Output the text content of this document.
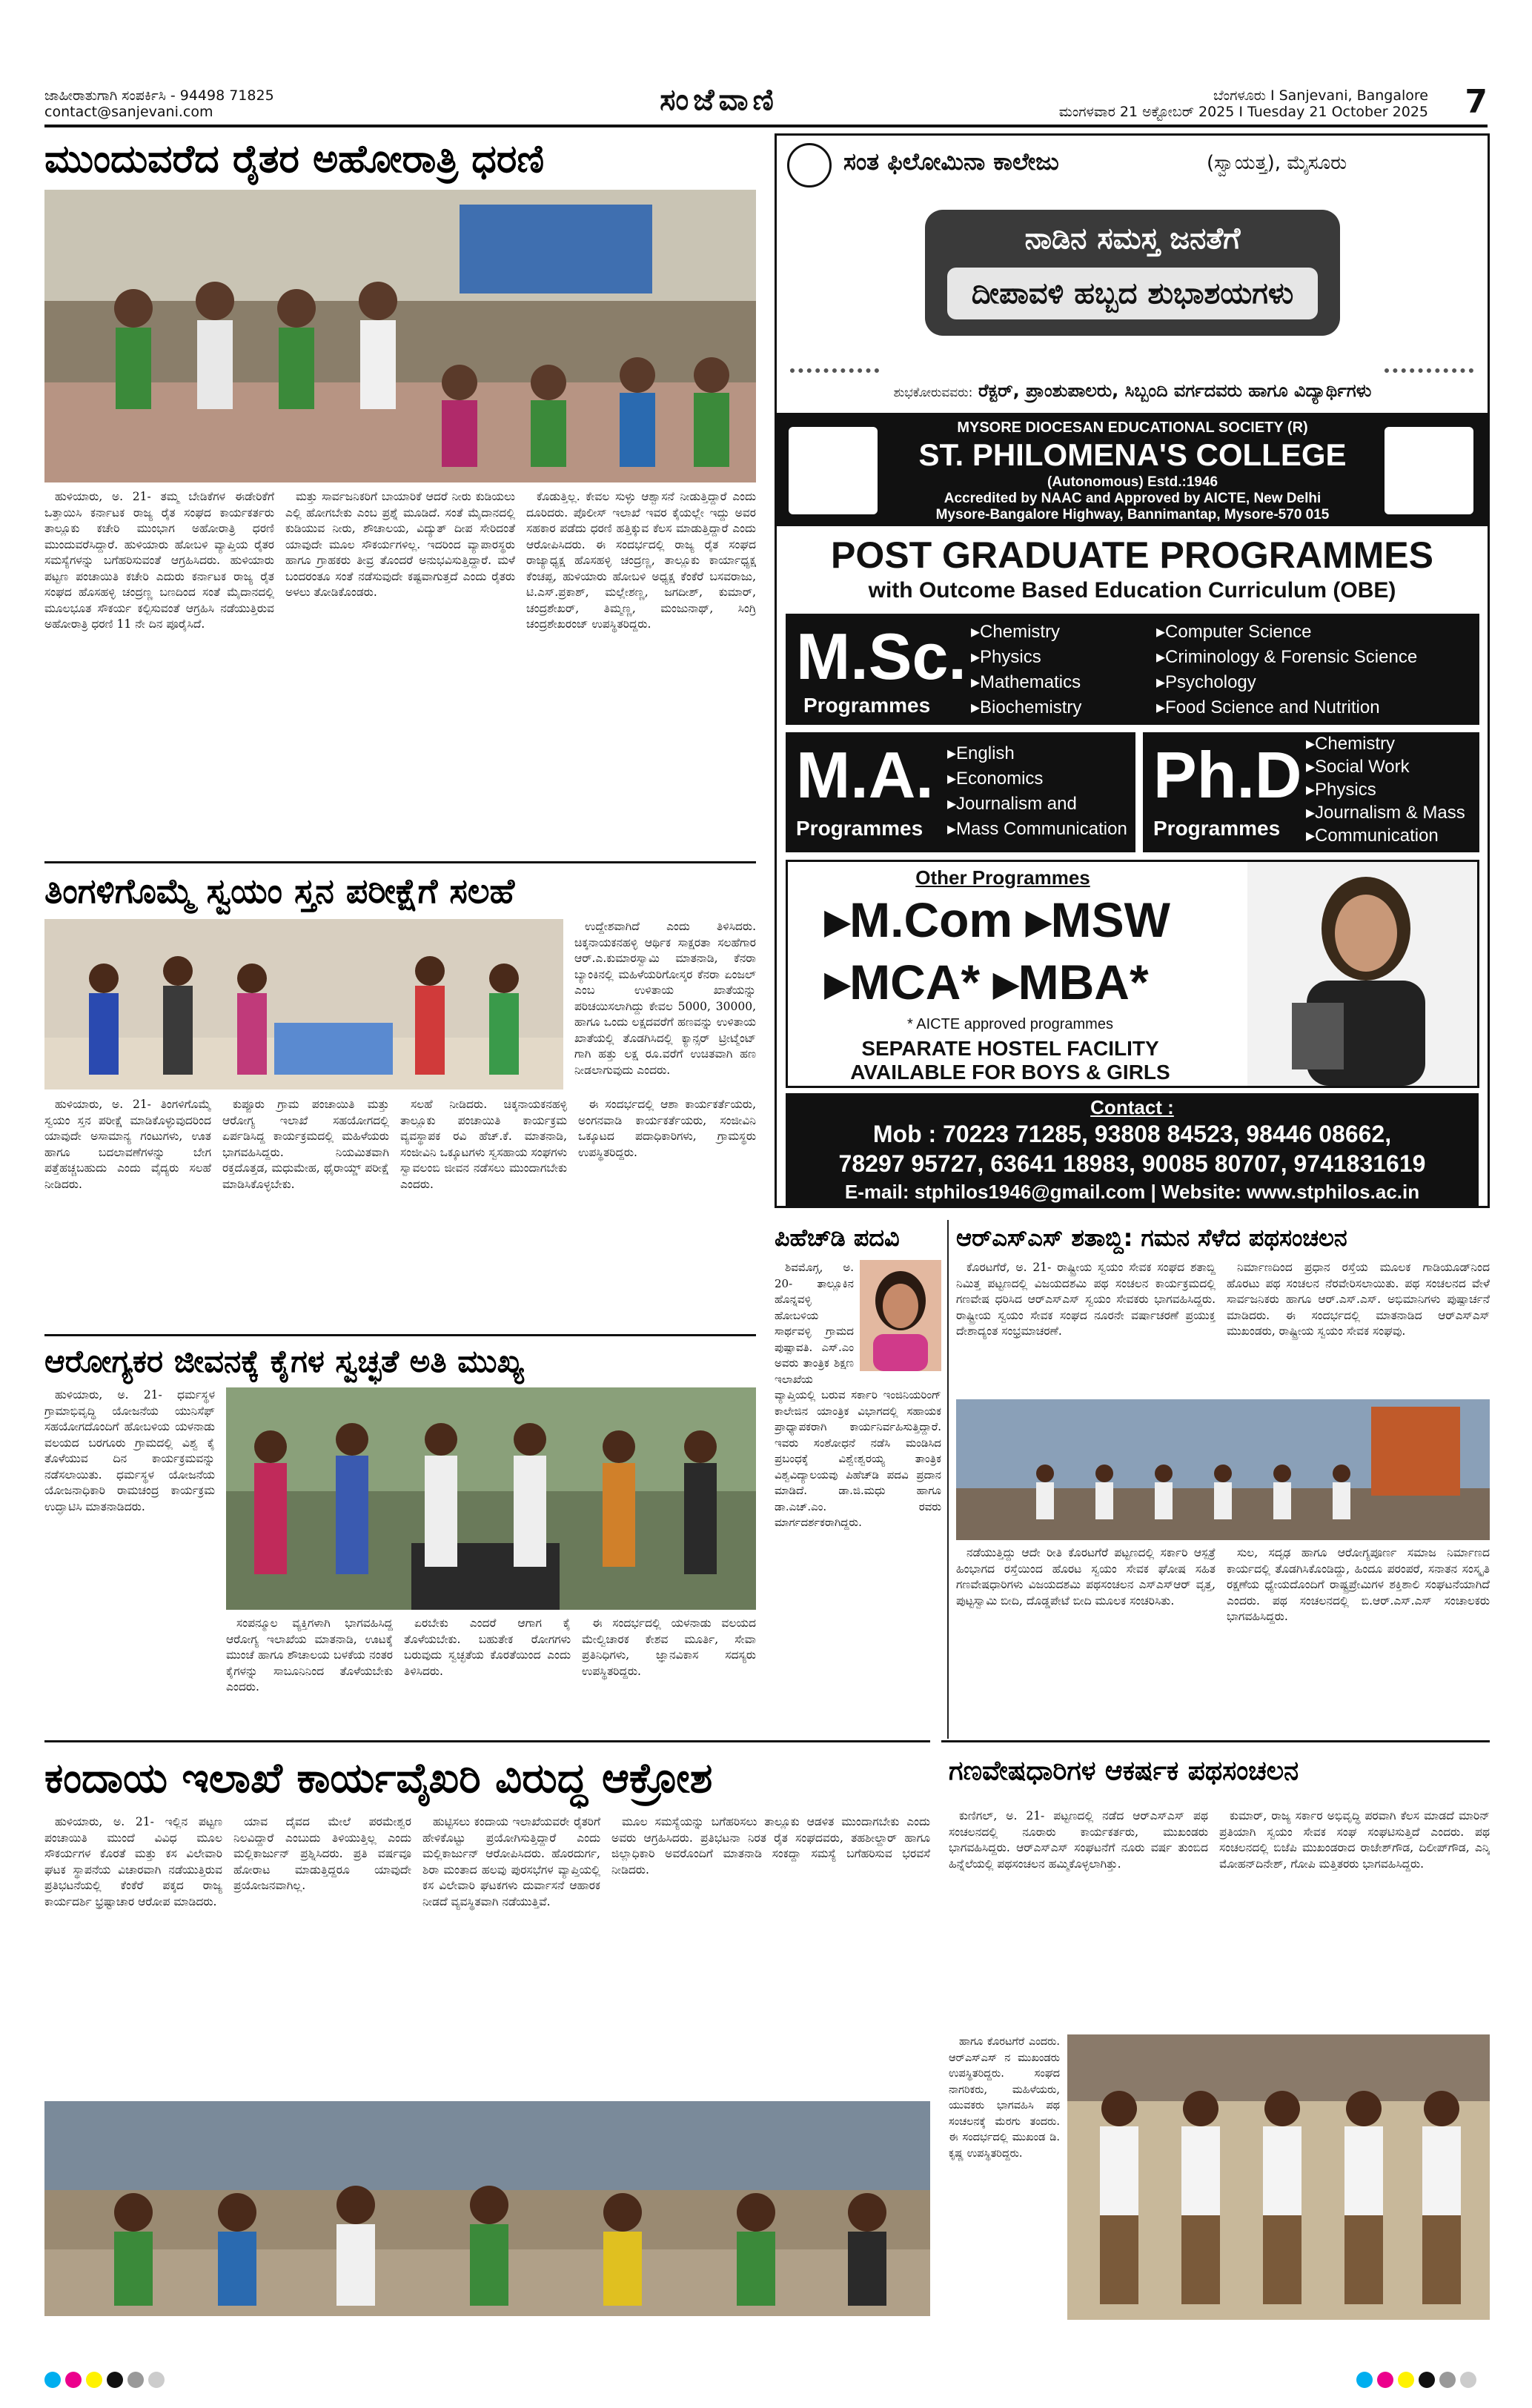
ಜಾಹೀರಾತುಗಾಗಿ ಸಂಪರ್ಕಿಸಿ - 94498 71825
contact@sanjevani.com	ಸಂಜೆವಾಣಿ	ಬೆಂಗಳೂರು I Sanjevani, Bangalore
ಮಂಗಳವಾರ 21 ಅಕ್ಟೋಬರ್ 2025 I Tuesday 21 October 2025 7
ಮುಂದುವರೆದ ರೈತರ ಅಹೋರಾತ್ರಿ ಧರಣಿ

ಹುಳಿಯಾರು, ಅ. 21- ತಮ್ಮ ಬೇಡಿಕೆಗಳ ಈಡೇರಿಕೆಗೆ ಒತ್ತಾಯಿಸಿ ಕರ್ನಾಟಕ ರಾಜ್ಯ ರೈತ ಸಂಘದ ಕಾರ್ಯಕರ್ತರು ತಾಲ್ಲೂಕು ಕಚೇರಿ ಮುಂಭಾಗ ಅಹೋರಾತ್ರಿ ಧರಣಿ ಮುಂದುವರೆಸಿದ್ದಾರೆ. ಹುಳಿಯಾರು ಹೋಬಳಿ ವ್ಯಾಪ್ತಿಯ ರೈತರ ಸಮಸ್ಯೆಗಳನ್ನು ಬಗೆಹರಿಸುವಂತೆ ಆಗ್ರಹಿಸಿದರು. ಹುಳಿಯಾರು ಪಟ್ಟಣ ಪಂಚಾಯಿತಿ ಕಚೇರಿ ಎದುರು ಕರ್ನಾಟಕ ರಾಜ್ಯ ರೈತ ಸಂಘದ ಹೊಸಹಳ್ಳಿ ಚಂದ್ರಣ್ಣ ಬಣದಿಂದ ಸಂತೆ ಮೈದಾನದಲ್ಲಿ ಮೂಲಭೂತ ಸೌಕರ್ಯ ಕಲ್ಪಿಸುವಂತೆ ಆಗ್ರಹಿಸಿ ನಡೆಯುತ್ತಿರುವ ಅಹೋರಾತ್ರಿ ಧರಣಿ 11 ನೇ ದಿನ ಪೂರೈಸಿದೆ.

ಮತ್ತು ಸಾರ್ವಜನಿಕರಿಗೆ ಬಾಯಾರಿಕೆ ಆದರೆ ನೀರು ಕುಡಿಯಲು ಎಲ್ಲಿ ಹೋಗಬೇಕು ಎಂಬ ಪ್ರಶ್ನೆ ಮೂಡಿದೆ. ಸಂತೆ ಮೈದಾನದಲ್ಲಿ ಕುಡಿಯುವ ನೀರು, ಶೌಚಾಲಯ, ವಿದ್ಯುತ್ ದೀಪ ಸೇರಿದಂತೆ ಯಾವುದೇ ಮೂಲ ಸೌಕರ್ಯಗಳಿಲ್ಲ. ಇದರಿಂದ ವ್ಯಾಪಾರಸ್ಥರು ಹಾಗೂ ಗ್ರಾಹಕರು ತೀವ್ರ ತೊಂದರೆ ಅನುಭವಿಸುತ್ತಿದ್ದಾರೆ. ಮಳೆ ಬಂದರಂತೂ ಸಂತೆ ನಡೆಸುವುದೇ ಕಷ್ಟವಾಗುತ್ತದೆ ಎಂದು ರೈತರು ಅಳಲು ತೋಡಿಕೊಂಡರು.

ಕೊಡುತ್ತಿಲ್ಲ. ಕೇವಲ ಸುಳ್ಳು ಆಶ್ವಾಸನೆ ನೀಡುತ್ತಿದ್ದಾರೆ ಎಂದು ದೂರಿದರು. ಪೊಲೀಸ್ ಇಲಾಖೆ ಇವರ ಕೈಯಲ್ಲೇ ಇದ್ದು ಅವರ ಸಹಕಾರ ಪಡೆದು ಧರಣಿ ಹತ್ತಿಕ್ಕುವ ಕೆಲಸ ಮಾಡುತ್ತಿದ್ದಾರೆ ಎಂದು ಆರೋಪಿಸಿದರು. ಈ ಸಂದರ್ಭದಲ್ಲಿ ರಾಜ್ಯ ರೈತ ಸಂಘದ ರಾಜ್ಯಾಧ್ಯಕ್ಷ ಹೊಸಹಳ್ಳಿ ಚಂದ್ರಣ್ಣ, ತಾಲ್ಲೂಕು ಕಾರ್ಯಾಧ್ಯಕ್ಷ ಕೆಂಚಪ್ಪ, ಹುಳಿಯಾರು ಹೋಬಳಿ ಅಧ್ಯಕ್ಷ ಕೆಂಕೆರೆ ಬಸವರಾಜು, ಟಿ.ಎಸ್.ಪ್ರಕಾಶ್, ಮಲ್ಲೇಶಣ್ಣ, ಜಗದೀಶ್, ಕುಮಾರ್, ಚಂದ್ರಶೇಖರ್, ತಿಮ್ಮಣ್ಣ, ಮಂಜುನಾಥ್, ಸಿಂಗ್ರಿ ಚಂದ್ರಶೇಖರಂಜ್ ಉಪಸ್ಥಿತರಿದ್ದರು.

ತಿಂಗಳಿಗೊಮ್ಮೆ ಸ್ವಯಂ ಸ್ತನ ಪರೀಕ್ಷೆಗೆ ಸಲಹೆ

ಉದ್ದೇಶವಾಗಿದೆ ಎಂದು ತಿಳಿಸಿದರು. ಚಿಕ್ಕನಾಯಕನಹಳ್ಳಿ ಆರ್ಥಿಕ ಸಾಕ್ಷರತಾ ಸಲಹೆಗಾರ ಆರ್.ಎ.ಕುಮಾರಸ್ವಾಮಿ ಮಾತನಾಡಿ, ಕೆನರಾ ಬ್ಯಾಂಕಿನಲ್ಲಿ ಮಹಿಳೆಯರಿಗೋಸ್ಕರ ಕೆನರಾ ಏಂಜಲ್ ಎಂಬ ಉಳಿತಾಯ ಖಾತೆಯನ್ನು ಪರಿಚಯಿಸಲಾಗಿದ್ದು ಕೇವಲ 5000, 30000, ಹಾಗೂ ಒಂದು ಲಕ್ಷದವರೆಗೆ ಹಣವನ್ನು ಉಳಿತಾಯ ಖಾತೆಯಲ್ಲಿ ತೊಡಗಿಸಿದಲ್ಲಿ ಕ್ಯಾನ್ಸರ್ ಟ್ರೀಟ್ಮೆಂಟ್ ಗಾಗಿ ಹತ್ತು ಲಕ್ಷ ರೂ.ವರೆಗೆ ಉಚಿತವಾಗಿ ಹಣ ನೀಡಲಾಗುವುದು ಎಂದರು.

ಹುಳಿಯಾರು, ಅ. 21- ತಿಂಗಳಿಗೊಮ್ಮೆ ಸ್ವಯಂ ಸ್ತನ ಪರೀಕ್ಷೆ ಮಾಡಿಕೊಳ್ಳುವುದರಿಂದ ಯಾವುದೇ ಅಸಾಮಾನ್ಯ ಗಂಟುಗಳು, ಊತ ಹಾಗೂ ಬದಲಾವಣೆಗಳನ್ನು ಬೇಗ ಪತ್ತೆಹಚ್ಚಬಹುದು ಎಂದು ವೈದ್ಯರು ಸಲಹೆ ನೀಡಿದರು.

ಕುಪ್ಪೂರು ಗ್ರಾಮ ಪಂಚಾಯಿತಿ ಮತ್ತು ಆರೋಗ್ಯ ಇಲಾಖೆ ಸಹಯೋಗದಲ್ಲಿ ಏರ್ಪಡಿಸಿದ್ದ ಕಾರ್ಯಕ್ರಮದಲ್ಲಿ ಮಹಿಳೆಯರು ಭಾಗವಹಿಸಿದ್ದರು. ನಿಯಮಿತವಾಗಿ ರಕ್ತದೊತ್ತಡ, ಮಧುಮೇಹ, ಥೈರಾಯ್ಡ್ ಪರೀಕ್ಷೆ ಮಾಡಿಸಿಕೊಳ್ಳಬೇಕು.

ಸಲಹೆ ನೀಡಿದರು. ಚಿಕ್ಕನಾಯಕನಹಳ್ಳಿ ತಾಲ್ಲೂಕು ಪಂಚಾಯಿತಿ ಕಾರ್ಯಕ್ರಮ ವ್ಯವಸ್ಥಾಪಕ ರವಿ ಹೆಚ್.ಕೆ. ಮಾತನಾಡಿ, ಸಂಜೀವಿನಿ ಒಕ್ಕೂಟಗಳು ಸ್ವಸಹಾಯ ಸಂಘಗಳು ಸ್ವಾವಲಂಬಿ ಜೀವನ ನಡೆಸಲು ಮುಂದಾಗಬೇಕು ಎಂದರು.

ಈ ಸಂದರ್ಭದಲ್ಲಿ ಆಶಾ ಕಾರ್ಯಕರ್ತೆಯರು, ಅಂಗನವಾಡಿ ಕಾರ್ಯಕರ್ತೆಯರು, ಸಂಜೀವಿನಿ ಒಕ್ಕೂಟದ ಪದಾಧಿಕಾರಿಗಳು, ಗ್ರಾಮಸ್ಥರು ಉಪಸ್ಥಿತರಿದ್ದರು.

ಆರೋಗ್ಯಕರ ಜೀವನಕ್ಕೆ ಕೈಗಳ ಸ್ವಚ್ಛತೆ ಅತಿ ಮುಖ್ಯ

ಹುಳಿಯಾರು, ಅ. 21- ಧರ್ಮಸ್ಥಳ ಗ್ರಾಮಾಭಿವೃದ್ಧಿ ಯೋಜನೆಯ ಯುನಿಸೆಫ್ ಸಹಯೋಗದೊಂದಿಗೆ ಹೋಬಳಿಯ ಯಳನಾಡು ವಲಯದ ಬರಗೂರು ಗ್ರಾಮದಲ್ಲಿ ವಿಶ್ವ ಕೈ ತೊಳೆಯುವ ದಿನ ಕಾರ್ಯಕ್ರಮವನ್ನು ನಡೆಸಲಾಯಿತು. ಧರ್ಮಸ್ಥಳ ಯೋಜನೆಯ ಯೋಜನಾಧಿಕಾರಿ ರಾಮಚಂದ್ರ ಕಾರ್ಯಕ್ರಮ ಉದ್ಘಾಟಿಸಿ ಮಾತನಾಡಿದರು.

ಸಂಪನ್ಮೂಲ ವ್ಯಕ್ತಿಗಳಾಗಿ ಭಾಗವಹಿಸಿದ್ದ ಆರೋಗ್ಯ ಇಲಾಖೆಯ ಮಾತನಾಡಿ, ಊಟಕ್ಕೆ ಮುಂಚೆ ಹಾಗೂ ಶೌಚಾಲಯ ಬಳಕೆಯ ನಂತರ ಕೈಗಳನ್ನು ಸಾಬೂನಿನಿಂದ ತೊಳೆಯಬೇಕು ಎಂದರು.

ಏರಬೇಕು ಎಂದರೆ ಆಗಾಗ ಕೈ ತೊಳೆಯಬೇಕು. ಬಹುತೇಕ ರೋಗಗಳು ಬರುವುದು ಸ್ವಚ್ಛತೆಯ ಕೊರತೆಯಿಂದ ಎಂದು ತಿಳಿಸಿದರು.

ಈ ಸಂದರ್ಭದಲ್ಲಿ ಯಳನಾಡು ವಲಯದ ಮೇಲ್ವಿಚಾರಕ ಕೇಶವ ಮೂರ್ತಿ, ಸೇವಾ ಪ್ರತಿನಿಧಿಗಳು, ಜ್ಞಾನವಿಕಾಸ ಸದಸ್ಯರು ಉಪಸ್ಥಿತರಿದ್ದರು.

ಕಂದಾಯ ಇಲಾಖೆ ಕಾರ್ಯವೈಖರಿ ವಿರುದ್ಧ ಆಕ್ರೋಶ

ಹುಳಿಯಾರು, ಅ. 21- ಇಲ್ಲಿನ ಪಟ್ಟಣ ಪಂಚಾಯಿತಿ ಮುಂದೆ ವಿವಿಧ ಮೂಲ ಸೌಕರ್ಯಗಳ ಕೊರತೆ ಮತ್ತು ಕಸ ವಿಲೇವಾರಿ ಘಟಕ ಸ್ಥಾಪನೆಯ ವಿಚಾರವಾಗಿ ನಡೆಯುತ್ತಿರುವ ಪ್ರತಿಭಟನೆಯಲ್ಲಿ ಕೆಂಕೆರೆ ಪಕ್ಕದ ರಾಜ್ಯ ಕಾರ್ಯದರ್ಶಿ ಭ್ರಷ್ಟಾಚಾರ ಆರೋಪ ಮಾಡಿದರು.

ಯಾವ ದೈವದ ಮೇಲೆ ಪರಮೇಶ್ವರ ನಿಲವಿದ್ದಾರೆ ಎಂಬುದು ತಿಳಿಯುತ್ತಿಲ್ಲ ಎಂದು ಮಲ್ಲಿಕಾರ್ಜುನ್ ಪ್ರಶ್ನಿಸಿದರು. ಪ್ರತಿ ವರ್ಷವೂ ಹೋರಾಟ ಮಾಡುತ್ತಿದ್ದರೂ ಯಾವುದೇ ಪ್ರಯೋಜನವಾಗಿಲ್ಲ.

ಹುಟ್ಟಿಸಲು ಕಂದಾಯ ಇಲಾಖೆಯವರೇ ರೈತರಿಗೆ ಹೇಳಿಕೊಟ್ಟು ಪ್ರಯೋಗಿಸುತ್ತಿದ್ದಾರೆ ಎಂದು ಮಲ್ಲಿಕಾರ್ಜುನ್ ಆರೋಪಿಸಿದರು. ಹೊರದುರ್ಗ, ಶಿರಾ ಮಂತಾದ ಹಲವು ಪುರಸಭೆಗಳ ವ್ಯಾಪ್ತಿಯಲ್ಲಿ ಕಸ ವಿಲೇವಾರಿ ಘಟಕಗಳು ದುರ್ವಾಸನೆ ಆಹಾರಕ ನೀಡದೆ ವ್ಯವಸ್ಥಿತವಾಗಿ ನಡೆಯುತ್ತಿವೆ.

ಮೂಲ ಸಮಸ್ಯೆಯನ್ನು ಬಗೆಹರಿಸಲು ತಾಲ್ಲೂಕು ಆಡಳಿತ ಮುಂದಾಗಬೇಕು ಎಂದು ಅವರು ಆಗ್ರಹಿಸಿದರು. ಪ್ರತಿಭಟನಾ ನಿರತ ರೈತ ಸಂಘದವರು, ತಹಶೀಲ್ದಾರ್ ಹಾಗೂ ಜಿಲ್ಲಾಧಿಕಾರಿ ಅವರೊಂದಿಗೆ ಮಾತನಾಡಿ ಸಂಕದ್ದಾ ಸಮಸ್ಯೆ ಬಗೆಹರಿಸುವ ಭರವಸೆ ನೀಡಿದರು.

ಸಂತ ಫಿಲೋಮಿನಾ ಕಾಲೇಜು	(ಸ್ವಾಯತ್ತ), ಮೈಸೂರು
ನಾಡಿನ ಸಮಸ್ತ ಜನತೆಗೆ
ದೀಪಾವಳಿ ಹಬ್ಬದ ಶುಭಾಶಯಗಳು
ಶುಭಕೋರುವವರು: ರೆಕ್ಟರ್, ಪ್ರಾಂಶುಪಾಲರು, ಸಿಬ್ಬಂದಿ ವರ್ಗದವರು ಹಾಗೂ ವಿದ್ಯಾರ್ಥಿಗಳು
MYSORE DIOCESAN EDUCATIONAL SOCIETY (R)
ST. PHILOMENA'S COLLEGE
(Autonomous) Estd.:1946
Accredited by NAAC and Approved by AICTE, New Delhi
Mysore-Bangalore Highway, Bannimantap, Mysore-570 015
POST GRADUATE PROGRAMMES
with Outcome Based Education Curriculum (OBE)
M.Sc.
Programmes
▸ Chemistry
▸ Physics
▸ Mathematics
▸ Biochemistry
▸ Computer Science
▸ Criminology & Forensic Science
▸ Psychology
▸ Food Science and Nutrition
M.A.
Programmes
▸ English
▸ Economics
▸ Journalism and
▸ Mass Communication
Ph.D
Programmes
▸ Chemistry
▸ Social Work
▸ Physics
▸ Journalism & Mass
▸ Communication
Other Programmes
▸M.Com ▸MSW
▸MCA* ▸MBA*
* AICTE approved programmes
SEPARATE HOSTEL FACILITY
AVAILABLE FOR BOYS & GIRLS
Contact :
Mob : 70223 71285, 93808 84523, 98446 08662,
78297 95727, 63641 18983, 90085 80707, 9741831619
E-mail: stphilos1946@gmail.com | Website: www.stphilos.ac.in
ಪಿಹೆಚ್‍ಡಿ ಪದವಿ

ಶಿವಮೊಗ್ಗ, ಅ. 20- ತಾಲ್ಲೂಕಿನ ಹೊನ್ನವಳ್ಳಿ ಹೋಬಳಿಯ ಸಾರ್ಥವಳ್ಳಿ ಗ್ರಾಮದ ಪುಷ್ಪಾವತಿ. ಎಸ್.ಎಂ ಅವರು ತಾಂತ್ರಿಕ ಶಿಕ್ಷಣ ಇಲಾಖೆಯ ವ್ಯಾಪ್ತಿಯಲ್ಲಿ ಬರುವ ಸರ್ಕಾರಿ ಇಂಜಿನಿಯರಿಂಗ್ ಕಾಲೇಜಿನ ಯಾಂತ್ರಿಕ ವಿಭಾಗದಲ್ಲಿ ಸಹಾಯಕ ಪ್ರಾಧ್ಯಾಪಕರಾಗಿ ಕಾರ್ಯನಿರ್ವಹಿಸುತ್ತಿದ್ದಾರೆ. ಇವರು ಸಂಶೋಧನೆ ನಡೆಸಿ ಮಂಡಿಸಿದ ಪ್ರಬಂಧಕ್ಕೆ ವಿಶ್ವೇಶ್ವರಯ್ಯ ತಾಂತ್ರಿಕ ವಿಶ್ವವಿದ್ಯಾಲಯವು ಪಿಹೆಚ್‍ಡಿ ಪದವಿ ಪ್ರದಾನ ಮಾಡಿದೆ. ಡಾ.ಜಿ.ಮಧು ಹಾಗೂ ಡಾ.ಎಚ್.ಎಂ. ರವರು ಮಾರ್ಗದರ್ಶಕರಾಗಿದ್ದರು.

ಆರ್‌ಎಸ್‌ಎಸ್ ಶತಾಬ್ದಿ: ಗಮನ ಸೆಳೆದ ಪಥಸಂಚಲನ

ಕೊರಟಗೆರೆ, ಅ. 21- ರಾಷ್ಟ್ರೀಯ ಸ್ವಯಂ ಸೇವಕ ಸಂಘದ ಶತಾಬ್ದಿ ನಿಮಿತ್ತ ಪಟ್ಟಣದಲ್ಲಿ ವಿಜಯದಶಮಿ ಪಥ ಸಂಚಲನ ಕಾರ್ಯಕ್ರಮದಲ್ಲಿ ಗಣವೇಷ ಧರಿಸಿದ ಆರ್‌ಎಸ್‌ಎಸ್ ಸ್ವಯಂ ಸೇವಕರು ಭಾಗವಹಿಸಿದ್ದರು. ರಾಷ್ಟ್ರೀಯ ಸ್ವಯಂ ಸೇವಕ ಸಂಘದ ನೂರನೇ ವರ್ಷಾಚರಣೆ ಪ್ರಯುಕ್ತ ದೇಶಾದ್ಯಂತ ಸಂಭ್ರಮಾಚರಣೆ.

ನಿರ್ಮಾಣದಿಂದ ಪ್ರಧಾನ ರಸ್ತೆಯ ಮೂಲಕ ಗಾಡಿಯೂಡ್‌ನಿಂದ ಹೊರಟು ಪಥ ಸಂಚಲನ ನೆರವೇರಿಸಲಾಯಿತು. ಪಥ ಸಂಚಲನದ ವೇಳೆ ಸಾರ್ವಜನಿಕರು ಹಾಗೂ ಆರ್.ಎಸ್.ಎಸ್. ಅಭಿಮಾನಿಗಳು ಪುಷ್ಪಾರ್ಚನೆ ಮಾಡಿದರು. ಈ ಸಂದರ್ಭದಲ್ಲಿ ಮಾತನಾಡಿದ ಆರ್‌ಎಸ್‌ಎಸ್ ಮುಖಂಡರು, ರಾಷ್ಟ್ರೀಯ ಸ್ವಯಂ ಸೇವಕ ಸಂಘವು.

ನಡೆಯುತ್ತಿದ್ದು ಆದೇ ರೀತಿ ಕೊರಟಗೆರೆ ಪಟ್ಟಣದಲ್ಲಿ ಸರ್ಕಾರಿ ಆಸ್ಪತ್ರೆ ಹಿಂಭಾಗದ ರಸ್ತೆಯಿಂದ ಹೊರಟ ಸ್ವಯಂ ಸೇವಕ ಘೋಷ ಸಹಿತ ಗಣವೇಷಧಾರಿಗಳು ವಿಜಯದಶಮಿ ಪಥಸಂಚಲನ ಎಸ್‌ಎಸ್‌ಆರ್ ವೃತ್ತ, ಪುಟ್ಟಸ್ವಾಮಿ ಬೀದಿ, ದೊಡ್ಡಪೇಟೆ ಬೀದಿ ಮೂಲಕ ಸಂಚರಿಸಿತು.

ಸುಲ, ಸದೃಢ ಹಾಗೂ ಆರೋಗ್ಯಪೂರ್ಣ ಸಮಾಜ ನಿರ್ಮಾಣದ ಕಾರ್ಯದಲ್ಲಿ ತೊಡಗಿಸಿಕೊಂಡಿದ್ದು, ಹಿಂದೂ ಪರಂಪರೆ, ಸನಾತನ ಸಂಸ್ಕೃತಿ ರಕ್ಷಣೆಯ ಧ್ಯೇಯದೊಂದಿಗೆ ರಾಷ್ಟ್ರಪ್ರೇಮಿಗಳ ಶಕ್ತಿಶಾಲಿ ಸಂಘಟನೆಯಾಗಿದೆ ಎಂದರು. ಪಥ ಸಂಚಲನದಲ್ಲಿ ಬಿ.ಆರ್.ಎಸ್.ಎಸ್ ಸಂಚಾಲಕರು ಭಾಗವಹಿಸಿದ್ದರು.

ಗಣವೇಷಧಾರಿಗಳ ಆಕರ್ಷಕ ಪಥಸಂಚಲನ

ಕುಣಿಗಲ್, ಅ. 21- ಪಟ್ಟಣದಲ್ಲಿ ನಡೆದ ಆರ್‌ಎಸ್‌ಎಸ್ ಪಥ ಸಂಚಲನದಲ್ಲಿ ನೂರಾರು ಕಾರ್ಯಕರ್ತರು, ಮುಖಂಡರು ಭಾಗವಹಿಸಿದ್ದರು. ಆರ್‌ಎಸ್‌ಎಸ್ ಸಂಘಟನೆಗೆ ನೂರು ವರ್ಷ ತುಂಬಿದ ಹಿನ್ನೆಲೆಯಲ್ಲಿ ಪಥಸಂಚಲನ ಹಮ್ಮಿಕೊಳ್ಳಲಾಗಿತ್ತು.

ಕುಮಾರ್, ರಾಜ್ಯ ಸರ್ಕಾರ ಅಭಿವೃದ್ಧಿ ಪರವಾಗಿ ಕೆಲಸ ಮಾಡದೆ ಮಾರಿನ್ ಪ್ರತಿಯಾಗಿ ಸ್ವಯಂ ಸೇವಕ ಸಂಘ ಸಂಘಟಿಸುತ್ತಿದೆ ಎಂದರು. ಪಥ ಸಂಚಲನದಲ್ಲಿ ಬಿಜೆಪಿ ಮುಖಂಡರಾದ ರಾಜೇಶ್‌ಗೌಡ, ದಿಲೀಪ್‌ಗೌಡ, ಎನ್ಕಿ ಮೋಹನ್‌ದಿನೇಶ್, ಗೋಪಿ ಮತ್ತಿತರರು ಭಾಗವಹಿಸಿದ್ದರು.

ಹಾಗೂ ಕೊರಟಗೆರೆ ಎಂದರು. ಆರ್‌ಎಸ್‌ಎಸ್ ನ ಮುಖಂಡರು ಉಪಸ್ಥಿತರಿದ್ದರು. ಸಂಘದ ನಾಗರಿಕರು, ಮಹಿಳೆಯರು, ಯುವಕರು ಭಾಗವಹಿಸಿ ಪಥ ಸಂಚಲನಕ್ಕೆ ಮೆರಗು ತಂದರು. ಈ ಸಂದರ್ಭದಲ್ಲಿ ಮುಖಂಡ ಡಿ. ಕೃಷ್ಣ ಉಪಸ್ಥಿತರಿದ್ದರು.
